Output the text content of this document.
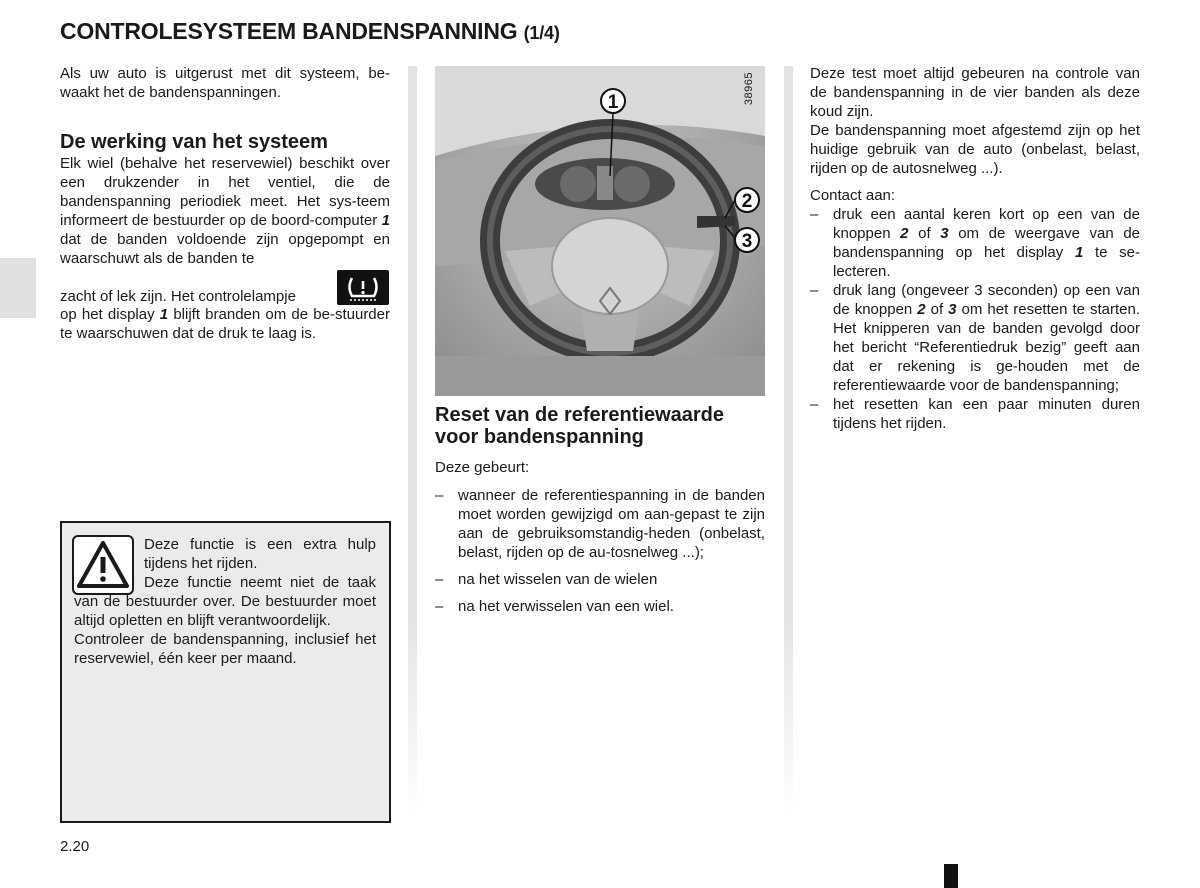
CONTROLESYSTEEM BANDENSPANNING (1/4)
Als uw auto is uitgerust met dit systeem, be-waakt het de bandenspanningen.
De werking van het systeem
Elk wiel (behalve het reservewiel) beschikt over een drukzender in het ventiel, die de bandenspanning periodiek meet. Het sys-teem informeert de bestuurder op de boord-computer 1 dat de banden voldoende zijn opgepompt en waarschuwt als de banden te
zacht of lek zijn. Het controlelampje
op het display 1 blijft branden om de be-stuurder te waarschuwen dat de druk te laag is.
Deze functie is een extra hulp tijdens het rijden.
Deze functie neemt niet de taak van de bestuurder over. De bestuurder moet altijd opletten en blijft verantwoordelijk.
Controleer de bandenspanning, inclusief het reservewiel, één keer per maand.
1
2
3
38965
Reset van de referentiewaarde voor bandenspanning
Deze gebeurt:
– wanneer de referentiespanning in de banden moet worden gewijzigd om aan-gepast te zijn aan de gebruiksomstandig-heden (onbelast, belast, rijden op de au-tosnelweg ...);
– na het wisselen van de wielen
– na het verwisselen van een wiel.
Deze test moet altijd gebeuren na controle van de bandenspanning in de vier banden als deze koud zijn.
De bandenspanning moet afgestemd zijn op het huidige gebruik van de auto (onbelast, belast, rijden op de autosnelweg ...).
Contact aan:
– druk een aantal keren kort op een van de knoppen 2 of 3 om de weergave van de bandenspanning op het display 1 te se-lecteren.
– druk lang (ongeveer 3 seconden) op een van de knoppen 2 of 3 om het resetten te starten. Het knipperen van de banden gevolgd door het bericht “Referentiedruk bezig” geeft aan dat er rekening is ge-houden met de referentiewaarde voor de bandenspanning;
– het resetten kan een paar minuten duren tijdens het rijden.
2.20
